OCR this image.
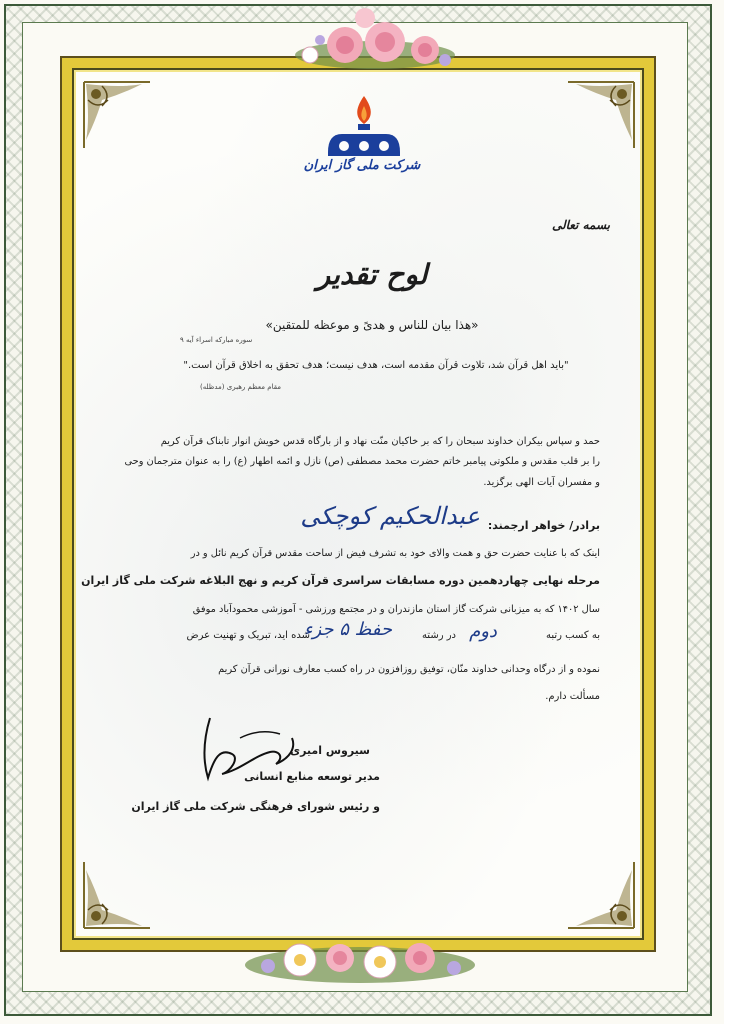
شرکت ملی گاز ایران
بسمه تعالی
لوح تقدیر
«هذا بیان للناس و هدیً و موعظه للمتقین»
سوره مبارکه اسراء آیه ۹
"باید اهل قرآن شد، تلاوت قرآن مقدمه است، هدف نیست؛ هدف تحقق به اخلاق قرآن است."
مقام معظم رهبری (مدظله)
حمد و سپاس بیکران خداوند سبحان را که بر خاکیان منّت نهاد و از بارگاه قدس خویش انوار تابناک قرآن کریم
را بر قلب مقدس و ملکوتی پیامبر خاتم حضرت محمد مصطفی (ص) نازل و ائمه اطهار (ع) را به عنوان مترجمان وحی
و مفسران آیات الهی برگزید.
برادر/ خواهر ارجمند:
عبدالحکیم کوچکی
اینک که با عنایت حضرت حق و همت والای خود به تشرف فیض از ساحت مقدس قرآن کریم نائل و در
مرحله نهایی چهاردهمین دوره مسابقات سراسری قرآن کریم و نهج البلاغه شرکت ملی گاز ایران
سال ۱۴۰۲ که به میزبانی شرکت گاز استان مازندران و در مجتمع ورزشی - آموزشی محمودآباد موفق
به کسب رتبه
دوم
در رشته
حفظ ۵ جزء
شده اید، تبریک و تهنیت عرض
نموده و از درگاه وحدانی خداوند منّان، توفیق روزافزون در راه کسب معارف نورانی قرآن کریم
مسألت دارم.
سیروس امیری
مدیر توسعه منابع انسانی
و رئیس شورای فرهنگی شرکت ملی گاز ایران
